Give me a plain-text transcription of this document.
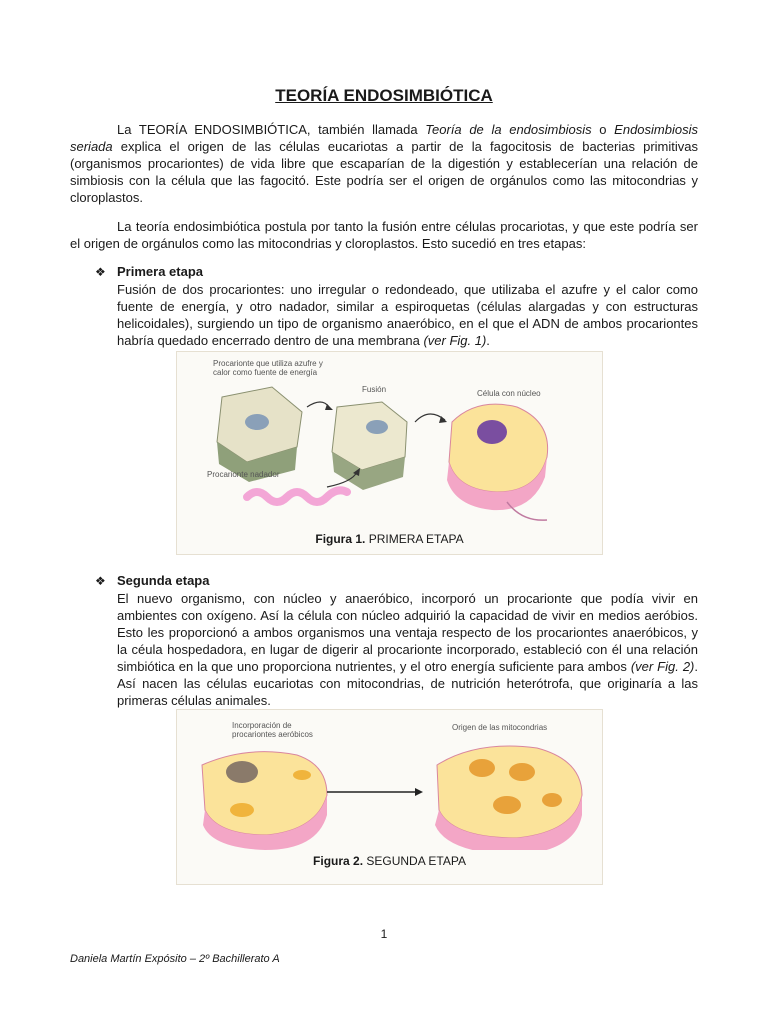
TEORÍA ENDOSIMBIÓTICA

La TEORÍA ENDOSIMBIÓTICA, también llamada Teoría de la endosimbiosis o Endosimbiosis seriada explica el origen de las células eucariotas a partir de la fagocitosis de bacterias primitivas (organismos procariontes) de vida libre que escaparían de la digestión y establecerían una relación de simbiosis con la célula que las fagocitó. Este podría ser el origen de orgánulos como las mitocondrias y cloroplastos.

La teoría endosimbiótica postula por tanto la fusión entre células procariotas, y que este podría ser el origen de orgánulos como las mitocondrias y cloroplastos. Esto sucedió en tres etapas:

❖ Primera etapa

Fusión de dos procariontes: uno irregular o redondeado, que utilizaba el azufre y el calor como fuente de energía, y otro nadador, similar a espiroquetas (células alargadas y con estructuras helicoidales), surgiendo un tipo de organismo anaeróbico, en el que el ADN de ambos procariontes habría quedado encerrado dentro de una membrana (ver Fig. 1).

Procarionte que utiliza azufre y
calor como fuente de energía
Fusión	Célula con núcleo
Procarionte nadador
Figura 1. PRIMERA ETAPA
❖ Segunda etapa

El nuevo organismo, con núcleo y anaeróbico, incorporó un procarionte que podía vivir en ambientes con oxígeno. Así la célula con núcleo adquirió la capacidad de vivir en medios aeróbios. Esto les proporcionó a ambos organismos una ventaja respecto de los procariontes anaeróbicos, y la céula hospedadora, en lugar de digerir al procarionte incorporado, estableció con él una relación simbiótica en la que uno proporciona nutrientes, y el otro energía suficiente para ambos (ver Fig. 2). Así nacen las células eucariotas con mitocondrias, de nutrición heterótrofa, que originaría a las primeras células animales.

Incorporación de
procariontes aeróbicos
Origen de las mitocondrias
Figura 2. SEGUNDA ETAPA
1
Daniela Martín Expósito – 2º Bachillerato A
